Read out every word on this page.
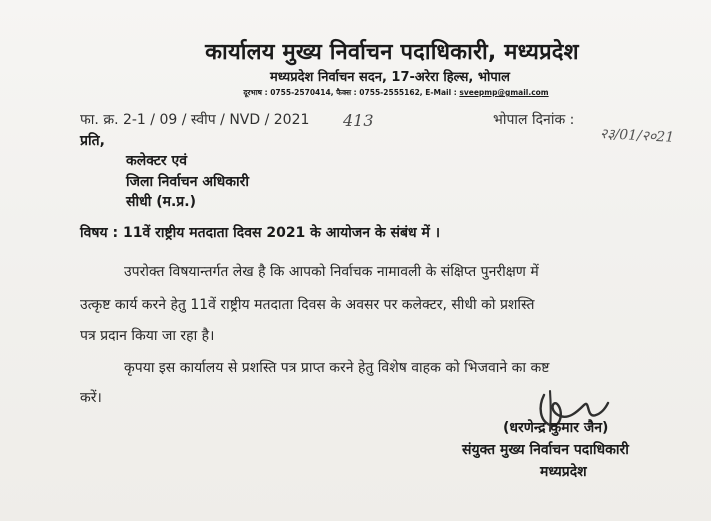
कार्यालय मुख्य निर्वाचन पदाधिकारी, मध्यप्रदेश
मध्यप्रदेश निर्वाचन सदन, 17-अरेरा हिल्स, भोपाल
दूरभाष : 0755-2570414, फैक्स : 0755-2555162, E-Mail : sveepmp@gmail.com
फा. क्र. 2-1 / 09 / स्वीप / NVD / 2021 413	भोपाल दिनांक :
२३/01/२०21
प्रति,
कलेक्टर एवं
जिला निर्वाचन अधिकारी
सीधी (म.प्र.)
विषय : 11वें राष्ट्रीय मतदाता दिवस 2021 के आयोजन के संबंध में ।
उपरोक्त विषयान्तर्गत लेख है कि आपको निर्वाचक नामावली के संक्षिप्त पुनरीक्षण में
उत्कृष्ट कार्य करने हेतु 11वें राष्ट्रीय मतदाता दिवस के अवसर पर कलेक्टर, सीधी को प्रशस्ति
पत्र प्रदान किया जा रहा है।
कृपया इस कार्यालय से प्रशस्ति पत्र प्राप्त करने हेतु विशेष वाहक को भिजवाने का कष्ट
करें।
(धरणेन्द्र कुमार जैन)
संयुक्त मुख्य निर्वाचन पदाधिकारी
मध्यप्रदेश
